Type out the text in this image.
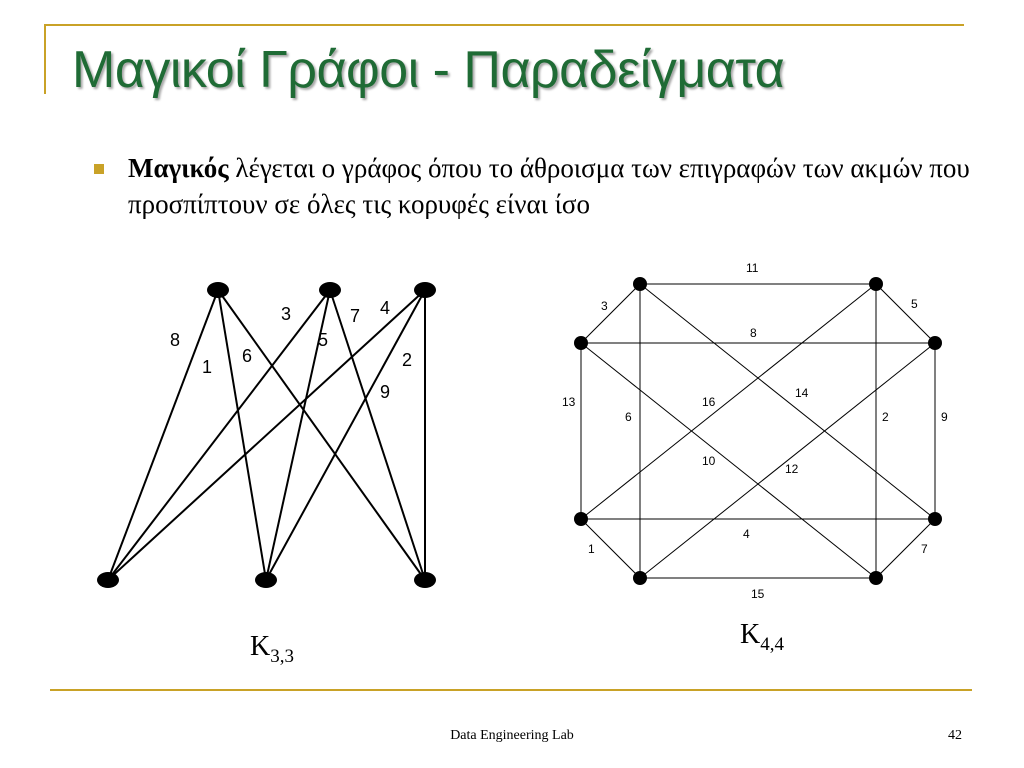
Μαγικοί Γράφοι - Παραδείγματα
Μαγικός λέγεται ο γράφος όπου το άθροισμα των επιγραφών των ακμών που προσπίπτουν σε όλες τις κορυφές είναι ίσο
8
1
6
3
5
7 4
2
9
$K_{3,3}$
11
3	5
8
13
6
16
14
2	9
10
12
4
1	7
15
$K_{4,4}$
Data Engineering Lab	42
